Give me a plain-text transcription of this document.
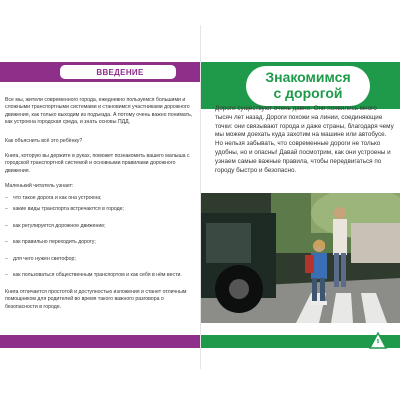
ВВЕДЕНИЕ

Все мы, жители современного города, ежедневно пользуемся большими и сложными транспортными системами и становимся участниками дорожного движения, как только выходим из подъезда. А потому очень важно понимать, как устроена городская среда, и знать основы ПДД.

Как объяснить всё это ребёнку?

Книга, которую вы держите в руках, поможет познакомить вашего малыша с городской транспортной системой и основными правилами дорожного движения.

Маленький читатель узнает:
– что такое дорога и как она устроена;
– какие виды транспорта встречаются в городе;
– как регулируется дорожное движение;
– как правильно переходить дорогу;
– для чего нужен светофор;
– как пользоваться общественным транспортом и как себя в нём вести.

Книга отличается простотой и доступностью изложения и станет отличным помощником для родителей во время такого важного разговора о безопасности в городе.

Знакомимся
с дорогой

Дороги существуют очень давно. Они появились много тысяч лет назад. Дороги похожи на линии, соединяющие точки: они связывают города и даже страны, благодаря чему мы можем доехать куда захотим на машине или автобусе. Но нельзя забывать, что современные дороги не только удобны, но и опасны! Давай посмотрим, как они устроены и узнаем самые важные правила, чтобы передвигаться по городу быстро и безопасно.

5
